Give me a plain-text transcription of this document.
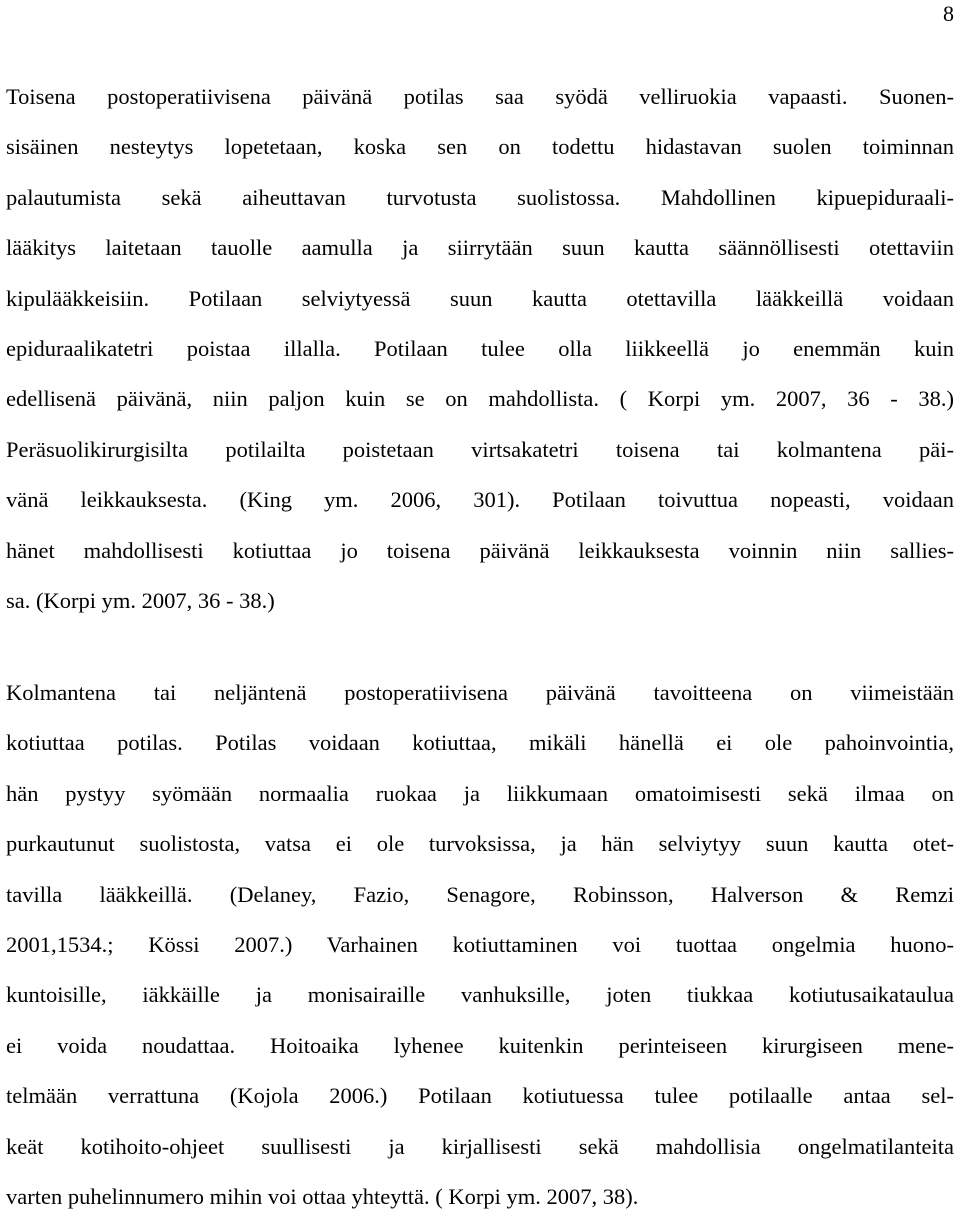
8
Toisena postoperatiivisena päivänä potilas saa syödä velliruokia vapaasti. Suonen-
sisäinen nesteytys lopetetaan, koska sen on todettu hidastavan suolen toiminnan
palautumista sekä aiheuttavan turvotusta suolistossa. Mahdollinen kipuepiduraali-
lääkitys laitetaan tauolle aamulla ja siirrytään suun kautta säännöllisesti otettaviin
kipulääkkeisiin. Potilaan selviytyessä suun kautta otettavilla lääkkeillä voidaan
epiduraalikatetri poistaa illalla. Potilaan tulee olla liikkeellä jo enemmän kuin
edellisenä päivänä, niin paljon kuin se on mahdollista. ( Korpi ym. 2007, 36 - 38.)
Peräsuolikirurgisilta potilailta poistetaan virtsakatetri toisena tai kolmantena päi-
vänä leikkauksesta. (King ym. 2006, 301). Potilaan toivuttua nopeasti, voidaan
hänet mahdollisesti kotiuttaa jo toisena päivänä leikkauksesta voinnin niin sallies-
sa. (Korpi ym. 2007, 36 - 38.)
Kolmantena tai neljäntenä postoperatiivisena päivänä tavoitteena on viimeistään
kotiuttaa potilas. Potilas voidaan kotiuttaa, mikäli hänellä ei ole pahoinvointia,
hän pystyy syömään normaalia ruokaa ja liikkumaan omatoimisesti sekä ilmaa on
purkautunut suolistosta, vatsa ei ole turvoksissa, ja hän selviytyy suun kautta otet-
tavilla lääkkeillä. (Delaney, Fazio, Senagore, Robinsson, Halverson & Remzi
2001,1534.; Kössi 2007.) Varhainen kotiuttaminen voi tuottaa ongelmia huono-
kuntoisille, iäkkäille ja monisairaille vanhuksille, joten tiukkaa kotiutusaikataulua
ei voida noudattaa. Hoitoaika lyhenee kuitenkin perinteiseen kirurgiseen mene-
telmään verrattuna (Kojola 2006.) Potilaan kotiutuessa tulee potilaalle antaa sel-
keät kotihoito-ohjeet suullisesti ja kirjallisesti sekä mahdollisia ongelmatilanteita
varten puhelinnumero mihin voi ottaa yhteyttä. ( Korpi ym. 2007, 38).
